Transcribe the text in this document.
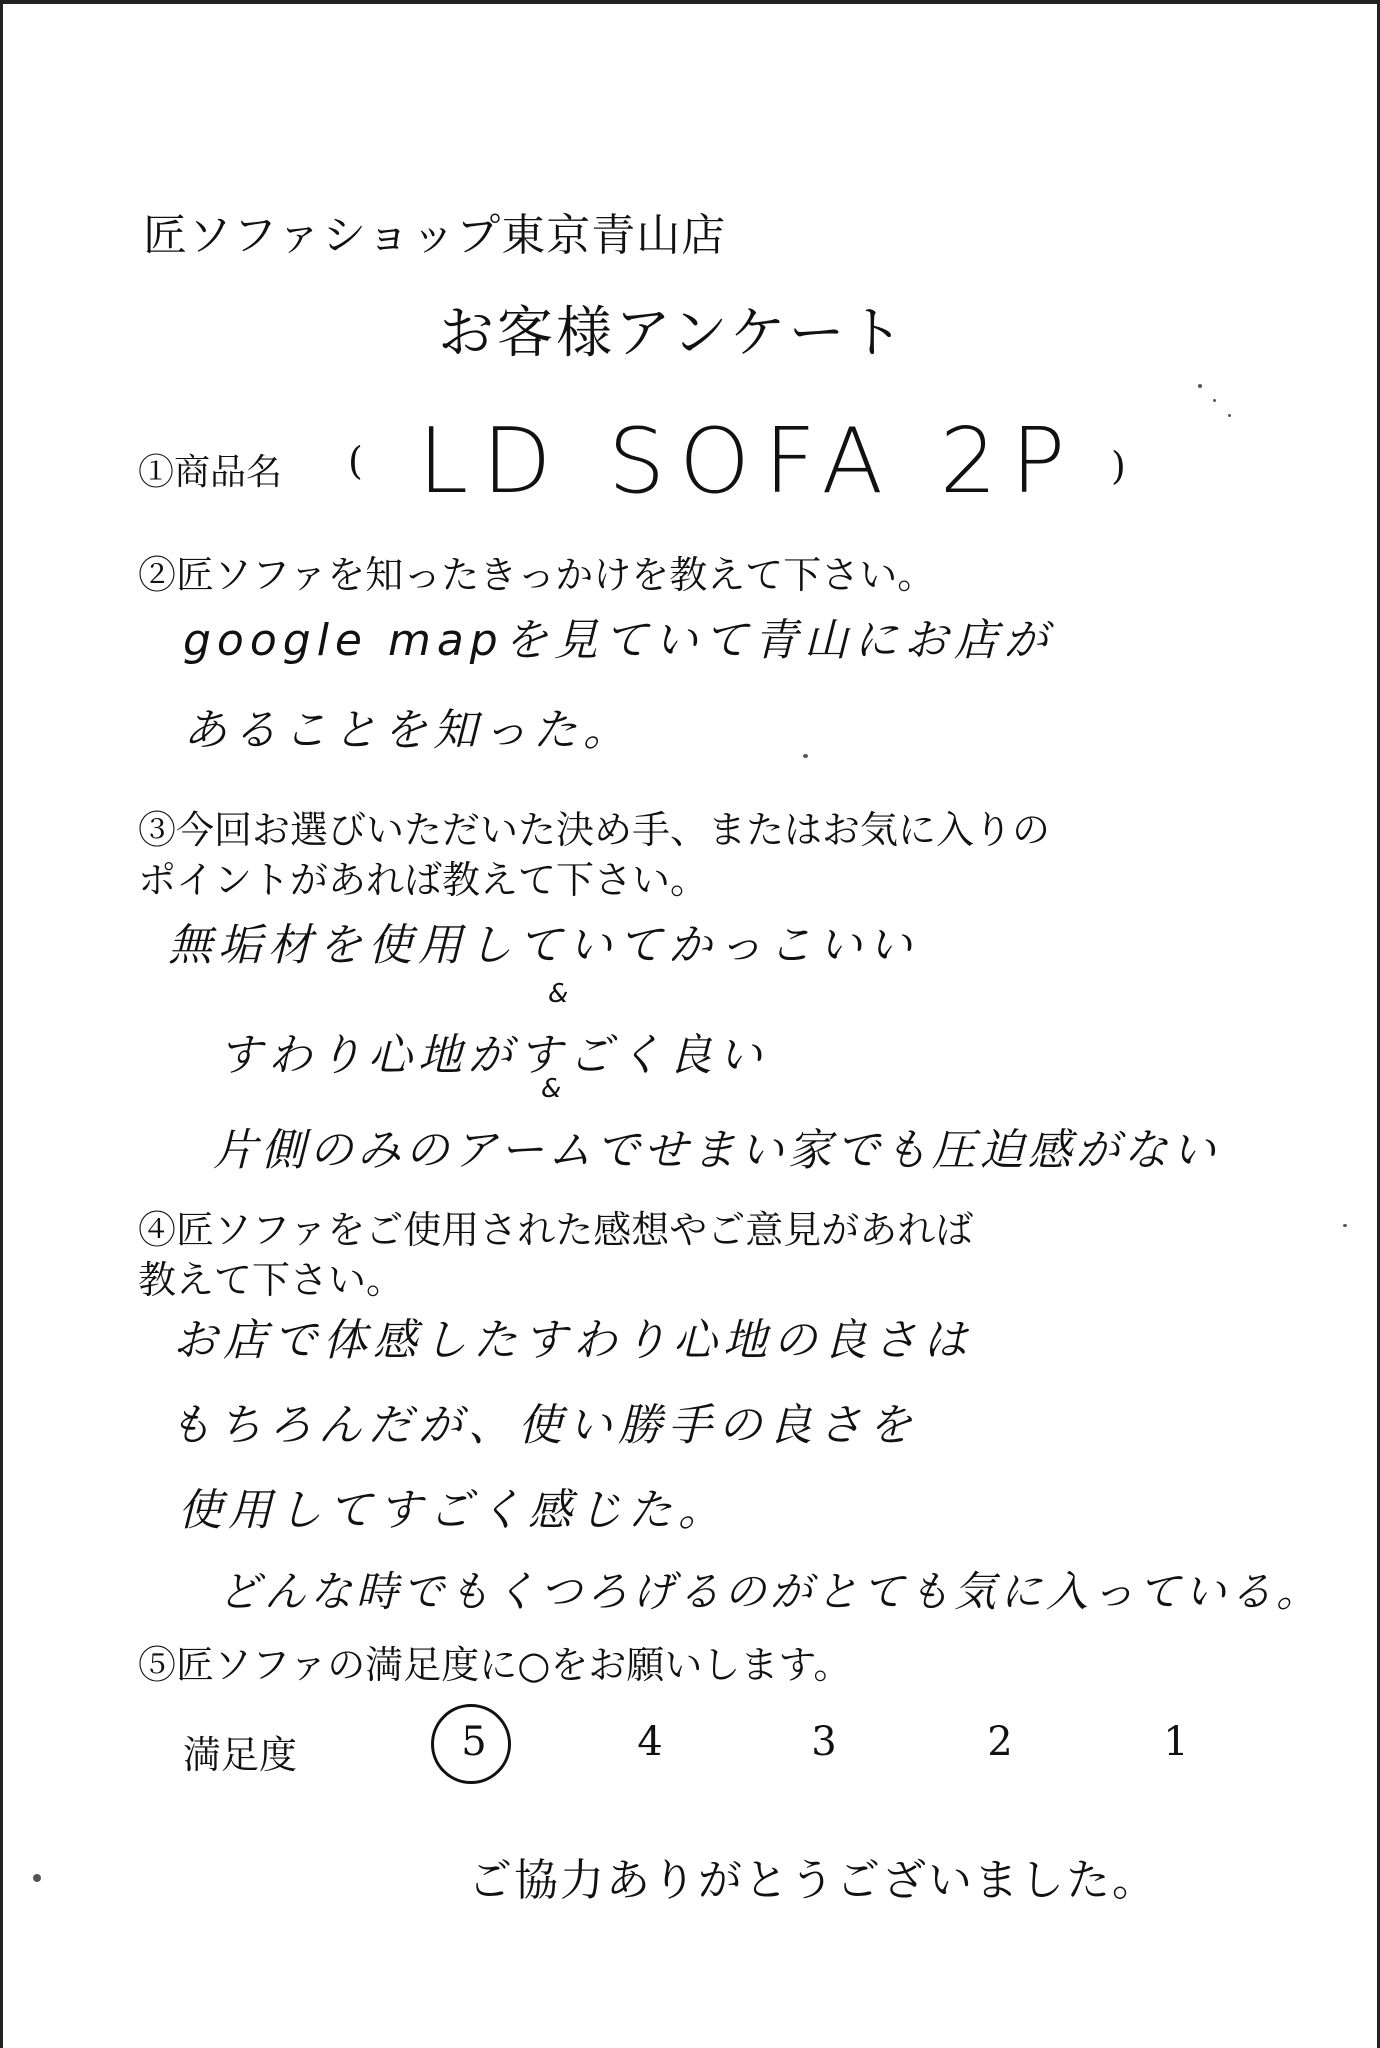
匠ソファショップ東京青山店
お客様アンケート
①商品名 ( LD SOFA 2P )
②匠ソファを知ったきっかけを教えて下さい。
google mapを見ていて青山にお店が
あることを知った。
③今回お選びいただいた決め手、またはお気に入りの
ポイントがあれば教えて下さい。
無垢材を使用していてかっこいい
&
すわり心地がすごく良い
&
片側のみのアームでせまい家でも圧迫感がない
④匠ソファをご使用された感想やご意見があれば
教えて下さい。
お店で体感したすわり心地の良さは
もちろんだが、使い勝手の良さを
使用してすごく感じた。
どんな時でもくつろげるのがとても気に入っている。
⑤匠ソファの満足度に○をお願いします。
満足度	5	4	3	2	1
ご協力ありがとうございました。
